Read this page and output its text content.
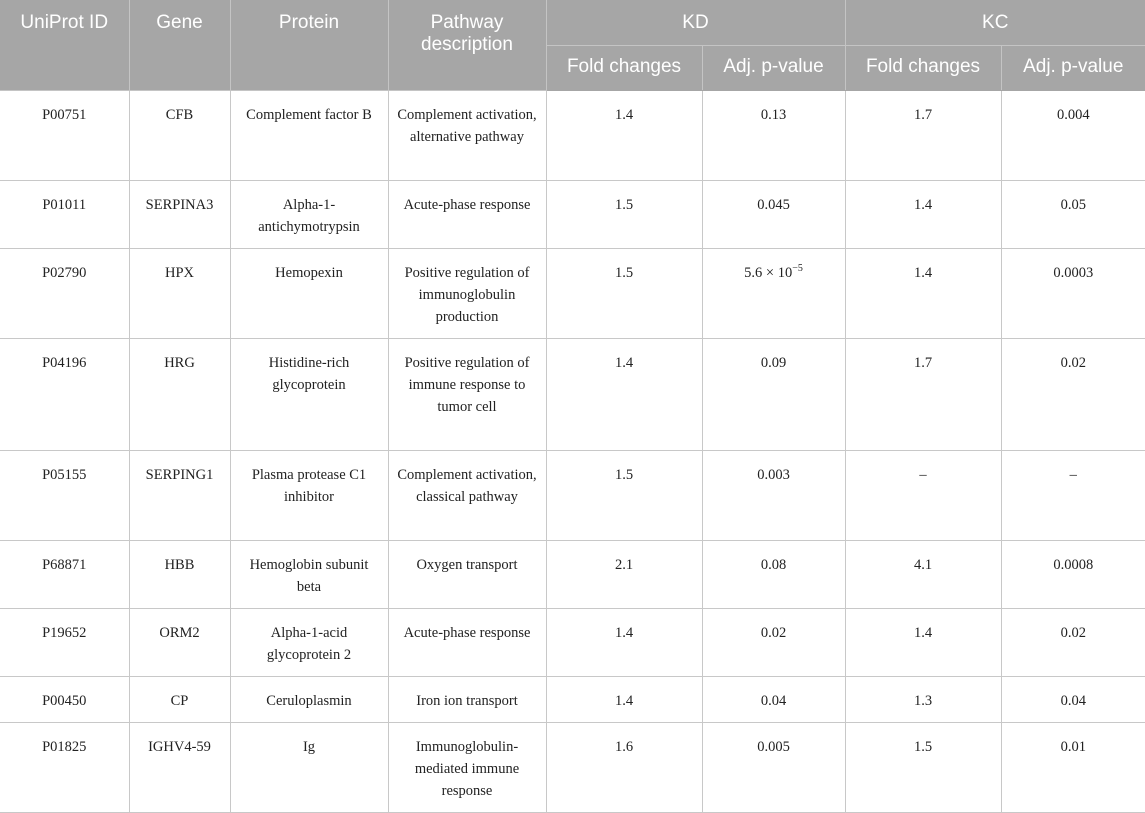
UniProt ID	Gene	Protein	Pathway description	KD		KC	
				Fold changes	Adj. p-value	Fold changes	Adj. p-value
P00751	CFB	Complement factor B	Complement activation, alternative pathway	1.4	0.13	1.7	0.004
P01011	SERPINA3	Alpha-1-antichymotrypsin	Acute-phase response	1.5	0.045	1.4	0.05
P02790	HPX	Hemopexin	Positive regulation of immunoglobulin production	1.5	$5.6 \times 10^{-5}$	1.4	0.0003
P04196	HRG	Histidine-rich glycoprotein	Positive regulation of immune response to tumor cell	1.4	0.09	1.7	0.02
P05155	SERPING1	Plasma protease C1 inhibitor	Complement activation, classical pathway	1.5	0.003	–	–
P68871	HBB	Hemoglobin subunit beta	Oxygen transport	2.1	0.08	4.1	0.0008
P19652	ORM2	Alpha-1-acid glycoprotein 2	Acute-phase response	1.4	0.02	1.4	0.02
P00450	CP	Ceruloplasmin	Iron ion transport	1.4	0.04	1.3	0.04
P01825	IGHV4-59	Ig	Immunoglobulin-mediated immune response	1.6	0.005	1.5	0.01
